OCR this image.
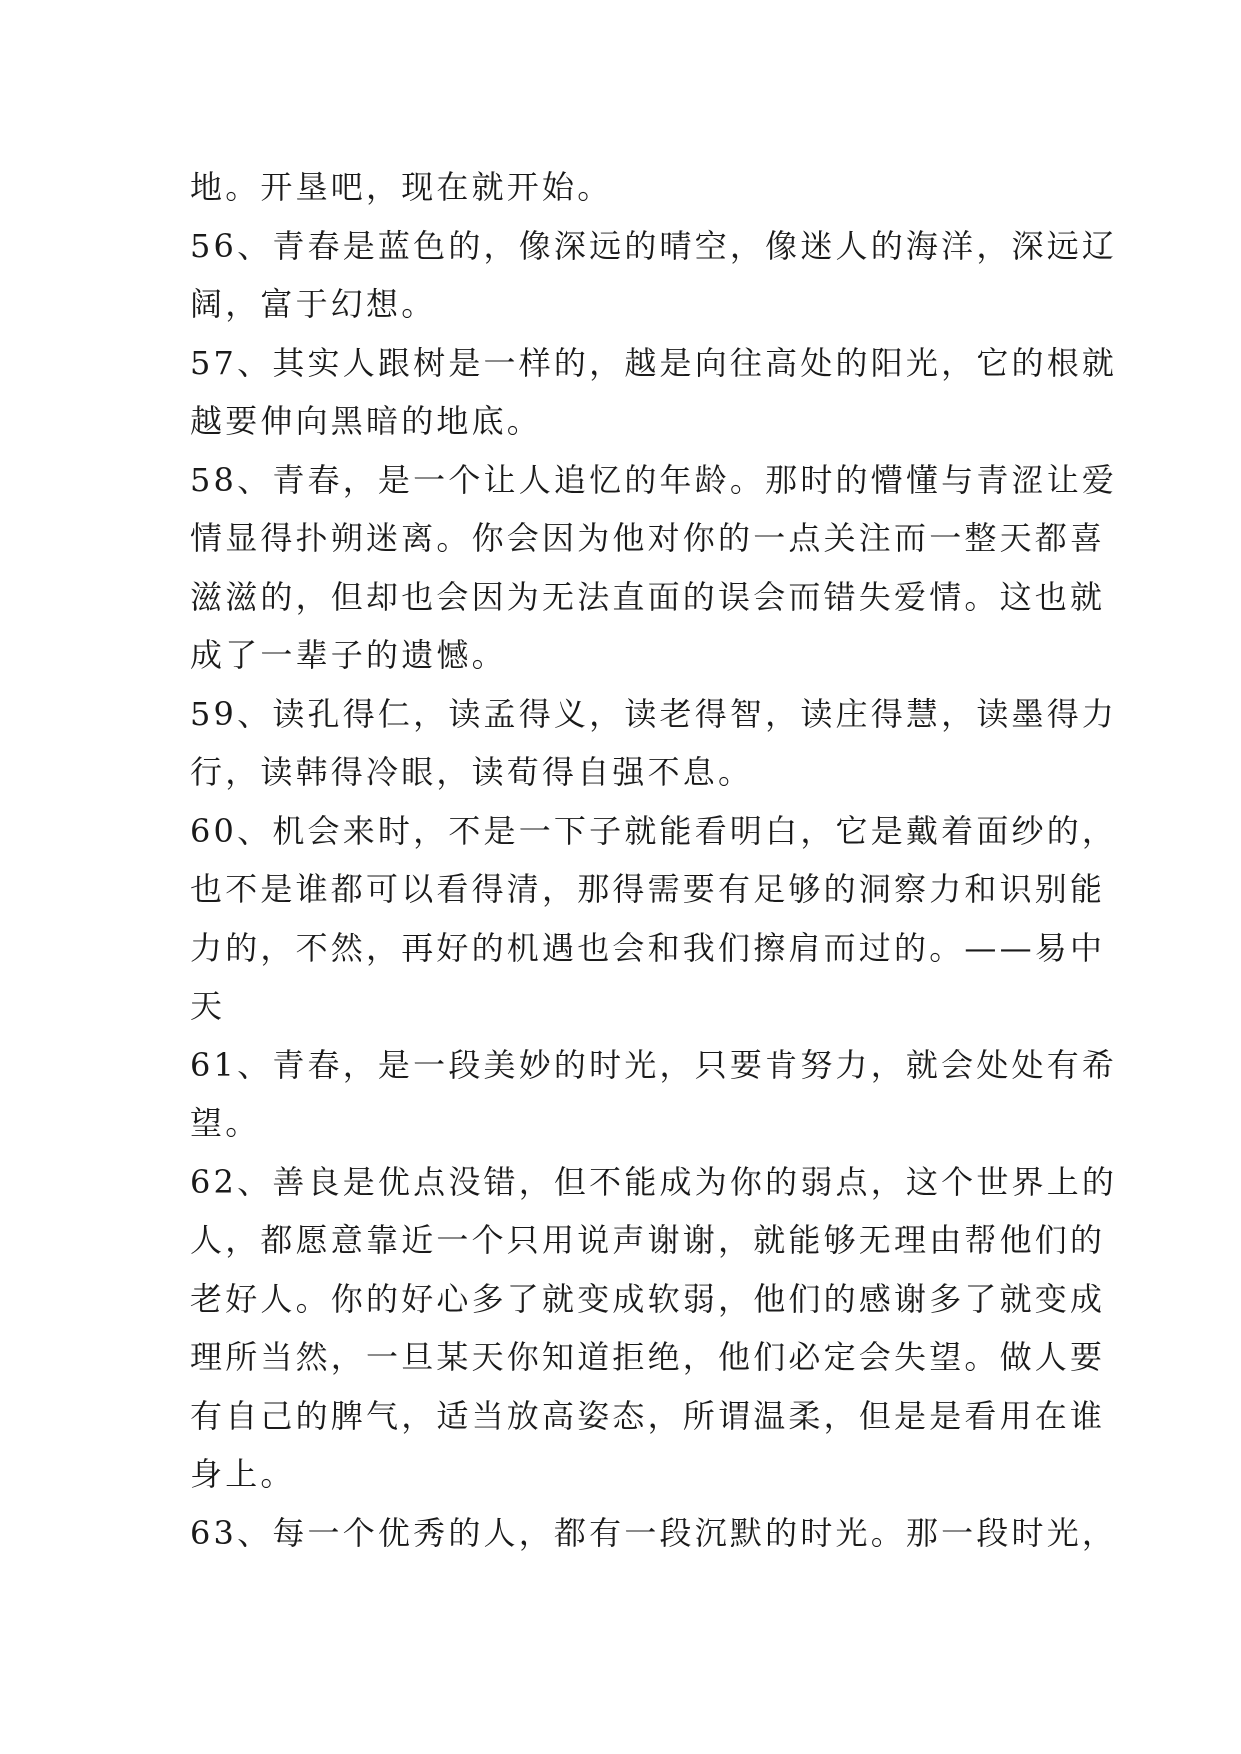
地。开垦吧，现在就开始。
56、青春是蓝色的，像深远的晴空，像迷人的海洋，深远辽
阔，富于幻想。
57、其实人跟树是一样的，越是向往高处的阳光，它的根就
越要伸向黑暗的地底。
58、青春，是一个让人追忆的年龄。那时的懵懂与青涩让爱
情显得扑朔迷离。你会因为他对你的一点关注而一整天都喜
滋滋的，但却也会因为无法直面的误会而错失爱情。这也就
成了一辈子的遗憾。
59、读孔得仁，读孟得义，读老得智，读庄得慧，读墨得力
行，读韩得冷眼，读荀得自强不息。
60、机会来时，不是一下子就能看明白，它是戴着面纱的，
也不是谁都可以看得清，那得需要有足够的洞察力和识别能
力的，不然，再好的机遇也会和我们擦肩而过的。——易中
天
61、青春，是一段美妙的时光，只要肯努力，就会处处有希
望。
62、善良是优点没错，但不能成为你的弱点，这个世界上的
人，都愿意靠近一个只用说声谢谢，就能够无理由帮他们的
老好人。你的好心多了就变成软弱，他们的感谢多了就变成
理所当然，一旦某天你知道拒绝，他们必定会失望。做人要
有自己的脾气，适当放高姿态，所谓温柔，但是是看用在谁
身上。
63、每一个优秀的人，都有一段沉默的时光。那一段时光，
